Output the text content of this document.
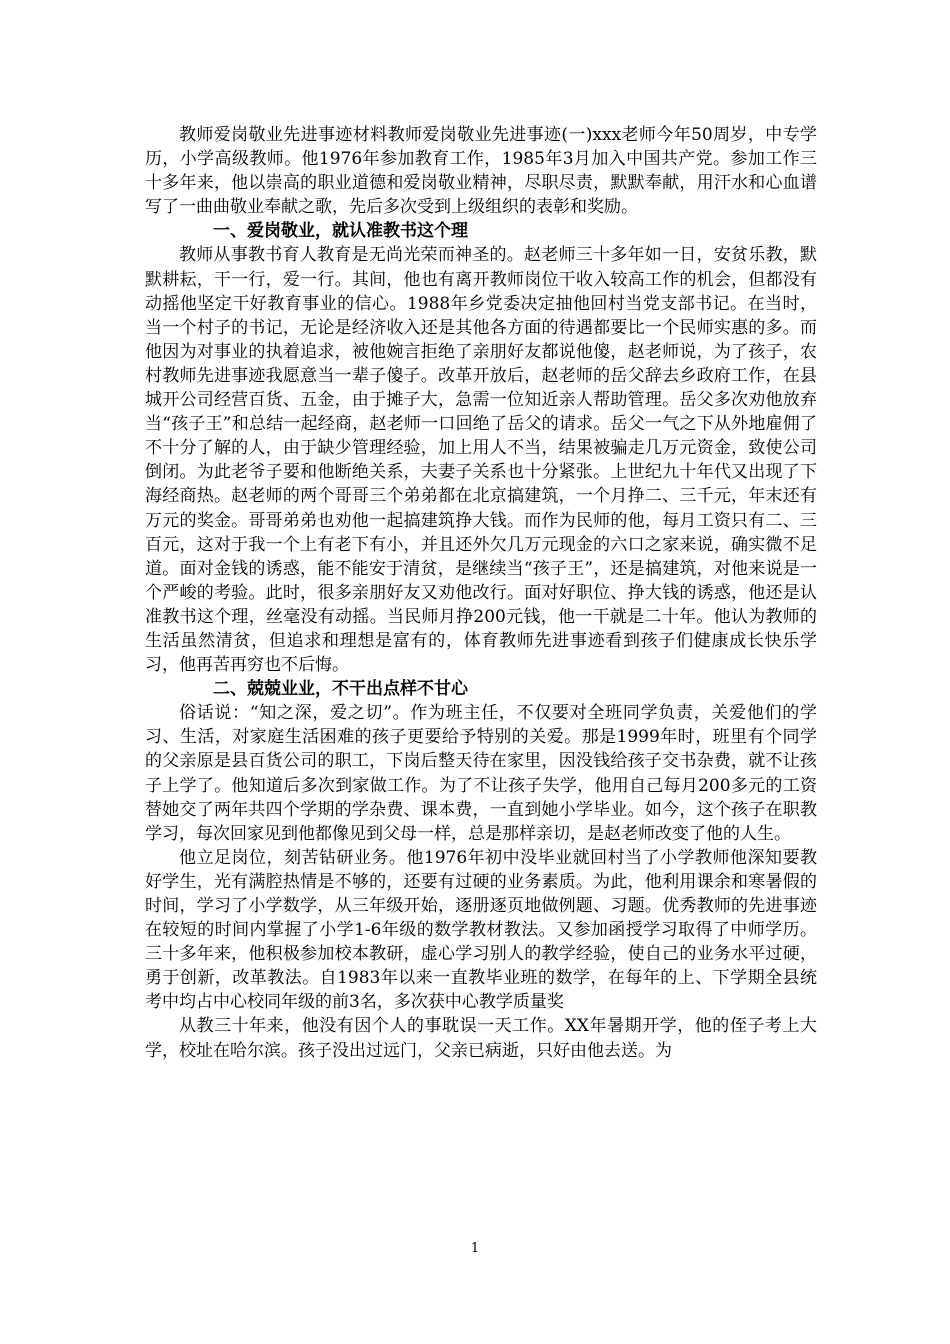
教师爱岗敬业先进事迹材料教师爱岗敬业先进事迹(一)xxx老师今年50周岁，中专学历，小学高级教师。他1976年参加教育工作，1985年3月加入中国共产党。参加工作三十多年来，他以崇高的职业道德和爱岗敬业精神，尽职尽责，默默奉献，用汗水和心血谱写了一曲曲敬业奉献之歌，先后多次受到上级组织的表彰和奖励。

一、爱岗敬业，就认准教书这个理

教师从事教书育人教育是无尚光荣而神圣的。赵老师三十多年如一日，安贫乐教，默默耕耘，干一行，爱一行。其间，他也有离开教师岗位干收入较高工作的机会，但都没有动摇他坚定干好教育事业的信心。1988年乡党委决定抽他回村当党支部书记。在当时，当一个村子的书记，无论是经济收入还是其他各方面的待遇都要比一个民师实惠的多。而他因为对事业的执着追求，被他婉言拒绝了亲朋好友都说他傻，赵老师说，为了孩子，农村教师先进事迹我愿意当一辈子傻子。改革开放后，赵老师的岳父辞去乡政府工作，在县城开公司经营百货、五金，由于摊子大，急需一位知近亲人帮助管理。岳父多次劝他放弃当“孩子王”和总结一起经商，赵老师一口回绝了岳父的请求。岳父一气之下从外地雇佣了不十分了解的人，由于缺少管理经验，加上用人不当，结果被骗走几万元资金，致使公司倒闭。为此老爷子要和他断绝关系，夫妻子关系也十分紧张。上世纪九十年代又出现了下海经商热。赵老师的两个哥哥三个弟弟都在北京搞建筑，一个月挣二、三千元，年末还有万元的奖金。哥哥弟弟也劝他一起搞建筑挣大钱。而作为民师的他，每月工资只有二、三百元，这对于我一个上有老下有小，并且还外欠几万元现金的六口之家来说，确实微不足道。面对金钱的诱惑，能不能安于清贫，是继续当“孩子王”，还是搞建筑，对他来说是一个严峻的考验。此时，很多亲朋好友又劝他改行。面对好职位、挣大钱的诱惑，他还是认准教书这个理，丝毫没有动摇。当民师月挣200元钱，他一干就是二十年。他认为教师的生活虽然清贫，但追求和理想是富有的，体育教师先进事迹看到孩子们健康成长快乐学习，他再苦再穷也不后悔。

二、兢兢业业，不干出点样不甘心

俗话说：“知之深，爱之切”。作为班主任，不仅要对全班同学负责，关爱他们的学习、生活，对家庭生活困难的孩子更要给予特别的关爱。那是1999年时，班里有个同学的父亲原是县百货公司的职工，下岗后整天待在家里，因没钱给孩子交书杂费，就不让孩子上学了。他知道后多次到家做工作。为了不让孩子失学，他用自己每月200多元的工资替她交了两年共四个学期的学杂费、课本费，一直到她小学毕业。如今，这个孩子在职教学习，每次回家见到他都像见到父母一样，总是那样亲切，是赵老师改变了他的人生。

他立足岗位，刻苦钻研业务。他1976年初中没毕业就回村当了小学教师他深知要教好学生，光有满腔热情是不够的，还要有过硬的业务素质。为此，他利用课余和寒暑假的时间，学习了小学数学，从三年级开始，逐册逐页地做例题、习题。优秀教师的先进事迹在较短的时间内掌握了小学1-6年级的数学教材教法。又参加函授学习取得了中师学历。三十多年来，他积极参加校本教研，虚心学习别人的教学经验，使自己的业务水平过硬，勇于创新，改革教法。自1983年以来一直教毕业班的数学，在每年的上、下学期全县统考中均占中心校同年级的前3名，多次获中心教学质量奖

从教三十年来，他没有因个人的事耽误一天工作。XX年暑期开学，他的侄子考上大学，校址在哈尔滨。孩子没出过远门，父亲已病逝，只好由他去送。为

1
